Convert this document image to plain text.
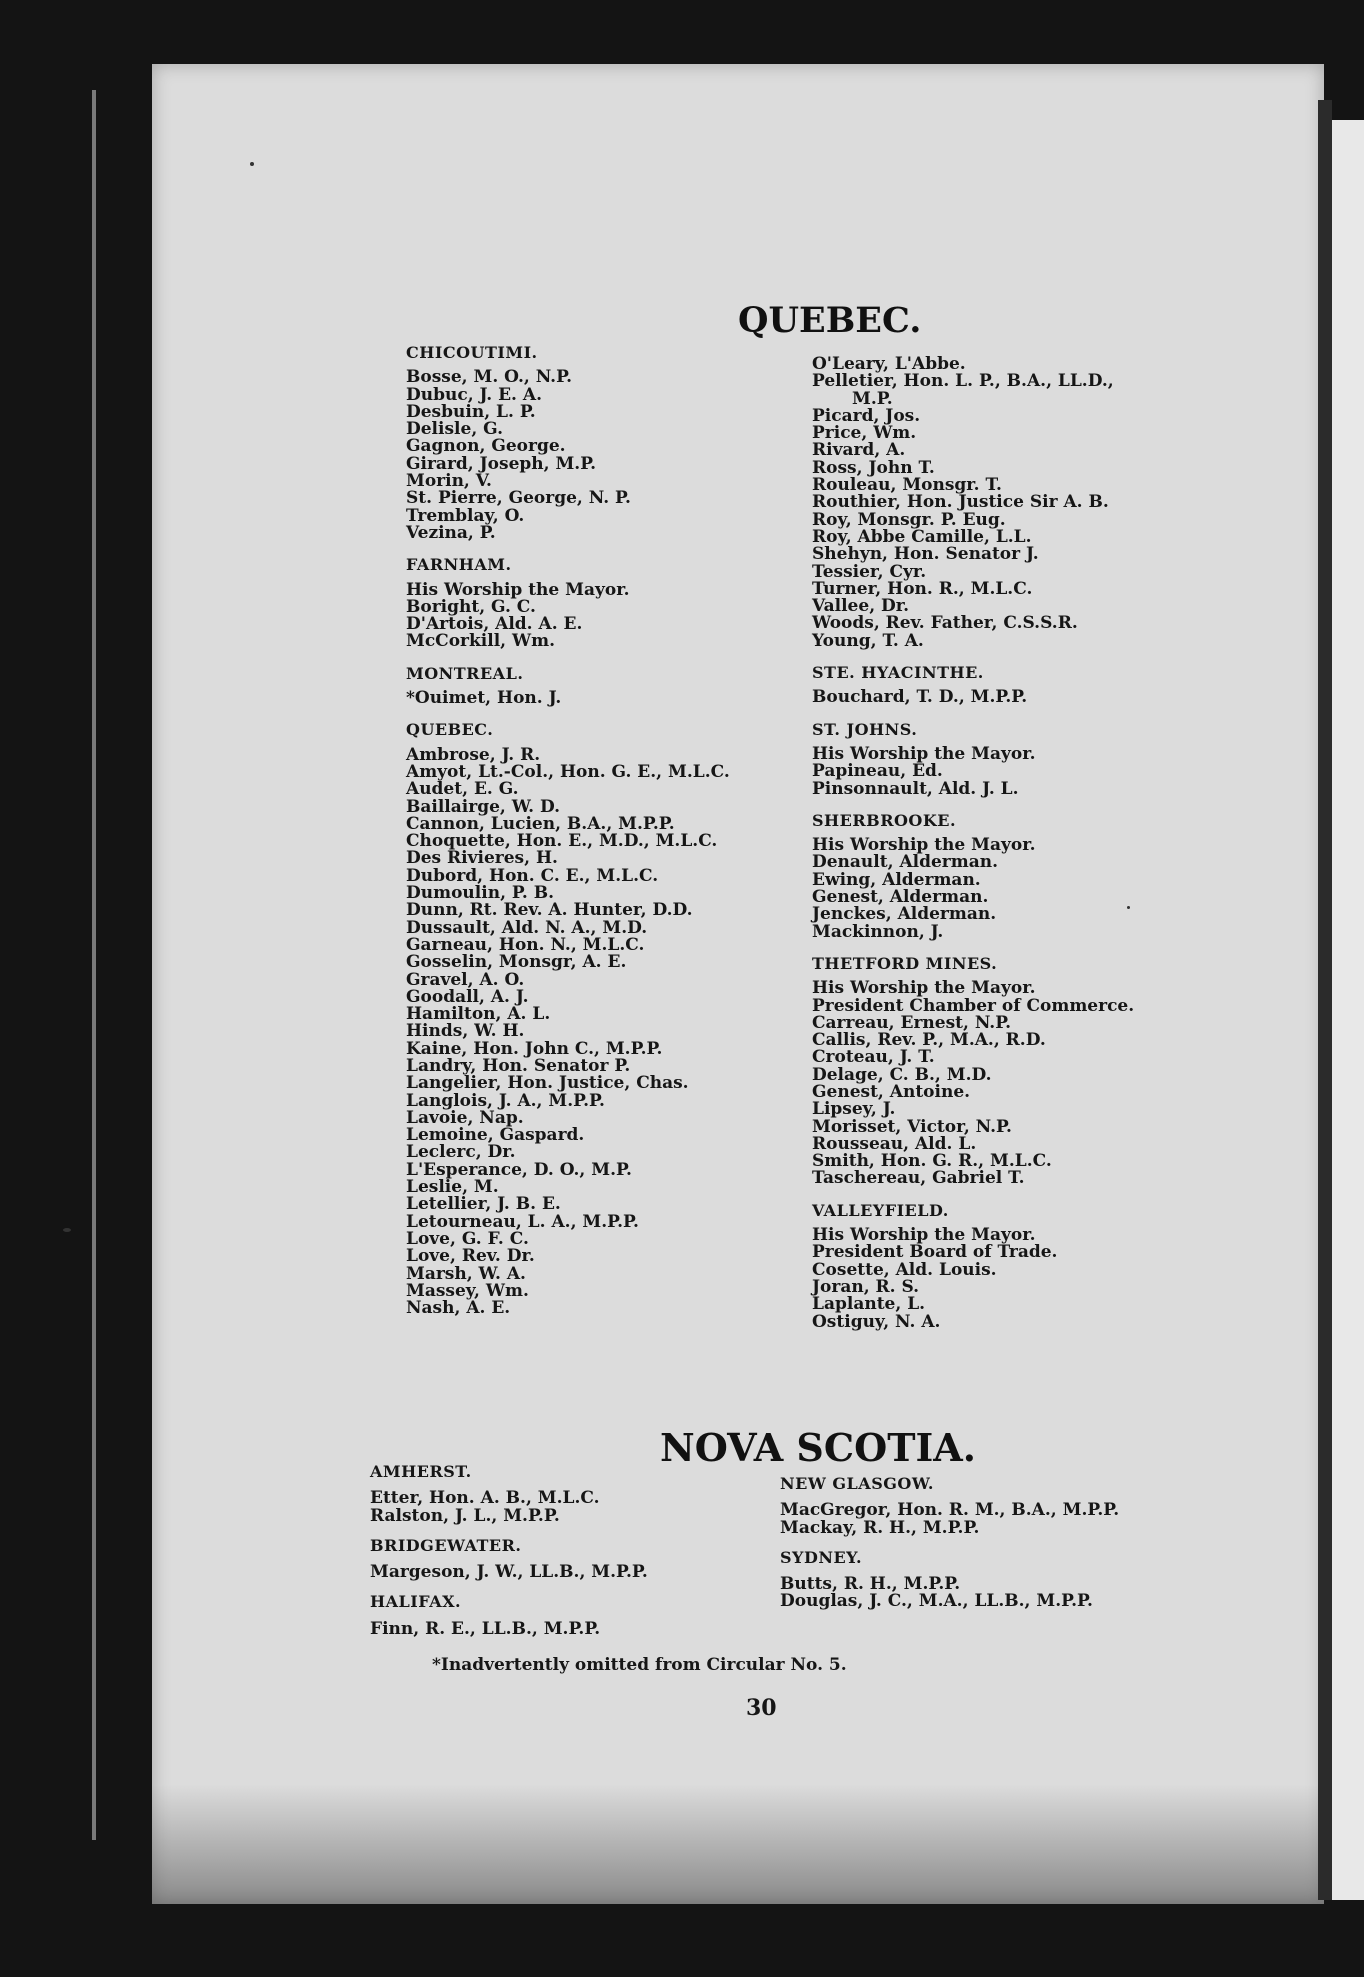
QUEBEC.
CHICOUTIMI.
Bosse, M. O., N.P.
Dubuc, J. E. A.
Desbuin, L. P.
Delisle, G.
Gagnon, George.
Girard, Joseph, M.P.
Morin, V.
St. Pierre, George, N. P.
Tremblay, O.
Vezina, P.
FARNHAM.
His Worship the Mayor.
Boright, G. C.
D'Artois, Ald. A. E.
McCorkill, Wm.
MONTREAL.
*Ouimet, Hon. J.
QUEBEC.
Ambrose, J. R.
Amyot, Lt.-Col., Hon. G. E., M.L.C.
Audet, E. G.
Baillairge, W. D.
Cannon, Lucien, B.A., M.P.P.
Choquette, Hon. E., M.D., M.L.C.
Des Rivieres, H.
Dubord, Hon. C. E., M.L.C.
Dumoulin, P. B.
Dunn, Rt. Rev. A. Hunter, D.D.
Dussault, Ald. N. A., M.D.
Garneau, Hon. N., M.L.C.
Gosselin, Monsgr, A. E.
Gravel, A. O.
Goodall, A. J.
Hamilton, A. L.
Hinds, W. H.
Kaine, Hon. John C., M.P.P.
Landry, Hon. Senator P.
Langelier, Hon. Justice, Chas.
Langlois, J. A., M.P.P.
Lavoie, Nap.
Lemoine, Gaspard.
Leclerc, Dr.
L'Esperance, D. O., M.P.
Leslie, M.
Letellier, J. B. E.
Letourneau, L. A., M.P.P.
Love, G. F. C.
Love, Rev. Dr.
Marsh, W. A.
Massey, Wm.
Nash, A. E.
O'Leary, L'Abbe.
Pelletier, Hon. L. P., B.A., LL.D.,
M.P.
Picard, Jos.
Price, Wm.
Rivard, A.
Ross, John T.
Rouleau, Monsgr. T.
Routhier, Hon. Justice Sir A. B.
Roy, Monsgr. P. Eug.
Roy, Abbe Camille, L.L.
Shehyn, Hon. Senator J.
Tessier, Cyr.
Turner, Hon. R., M.L.C.
Vallee, Dr.
Woods, Rev. Father, C.S.S.R.
Young, T. A.
STE. HYACINTHE.
Bouchard, T. D., M.P.P.
ST. JOHNS.
His Worship the Mayor.
Papineau, Ed.
Pinsonnault, Ald. J. L.
SHERBROOKE.
His Worship the Mayor.
Denault, Alderman.
Ewing, Alderman.
Genest, Alderman.
Jenckes, Alderman.
Mackinnon, J.
THETFORD MINES.
His Worship the Mayor.
President Chamber of Commerce.
Carreau, Ernest, N.P.
Callis, Rev. P., M.A., R.D.
Croteau, J. T.
Delage, C. B., M.D.
Genest, Antoine.
Lipsey, J.
Morisset, Victor, N.P.
Rousseau, Ald. L.
Smith, Hon. G. R., M.L.C.
Taschereau, Gabriel T.
VALLEYFIELD.
His Worship the Mayor.
President Board of Trade.
Cosette, Ald. Louis.
Joran, R. S.
Laplante, L.
Ostiguy, N. A.
NOVA SCOTIA.
AMHERST.
Etter, Hon. A. B., M.L.C.
Ralston, J. L., M.P.P.
BRIDGEWATER.
Margeson, J. W., LL.B., M.P.P.
HALIFAX.
Finn, R. E., LL.B., M.P.P.
NEW GLASGOW.
MacGregor, Hon. R. M., B.A., M.P.P.
Mackay, R. H., M.P.P.
SYDNEY.
Butts, R. H., M.P.P.
Douglas, J. C., M.A., LL.B., M.P.P.
*Inadvertently omitted from Circular No. 5.
30
